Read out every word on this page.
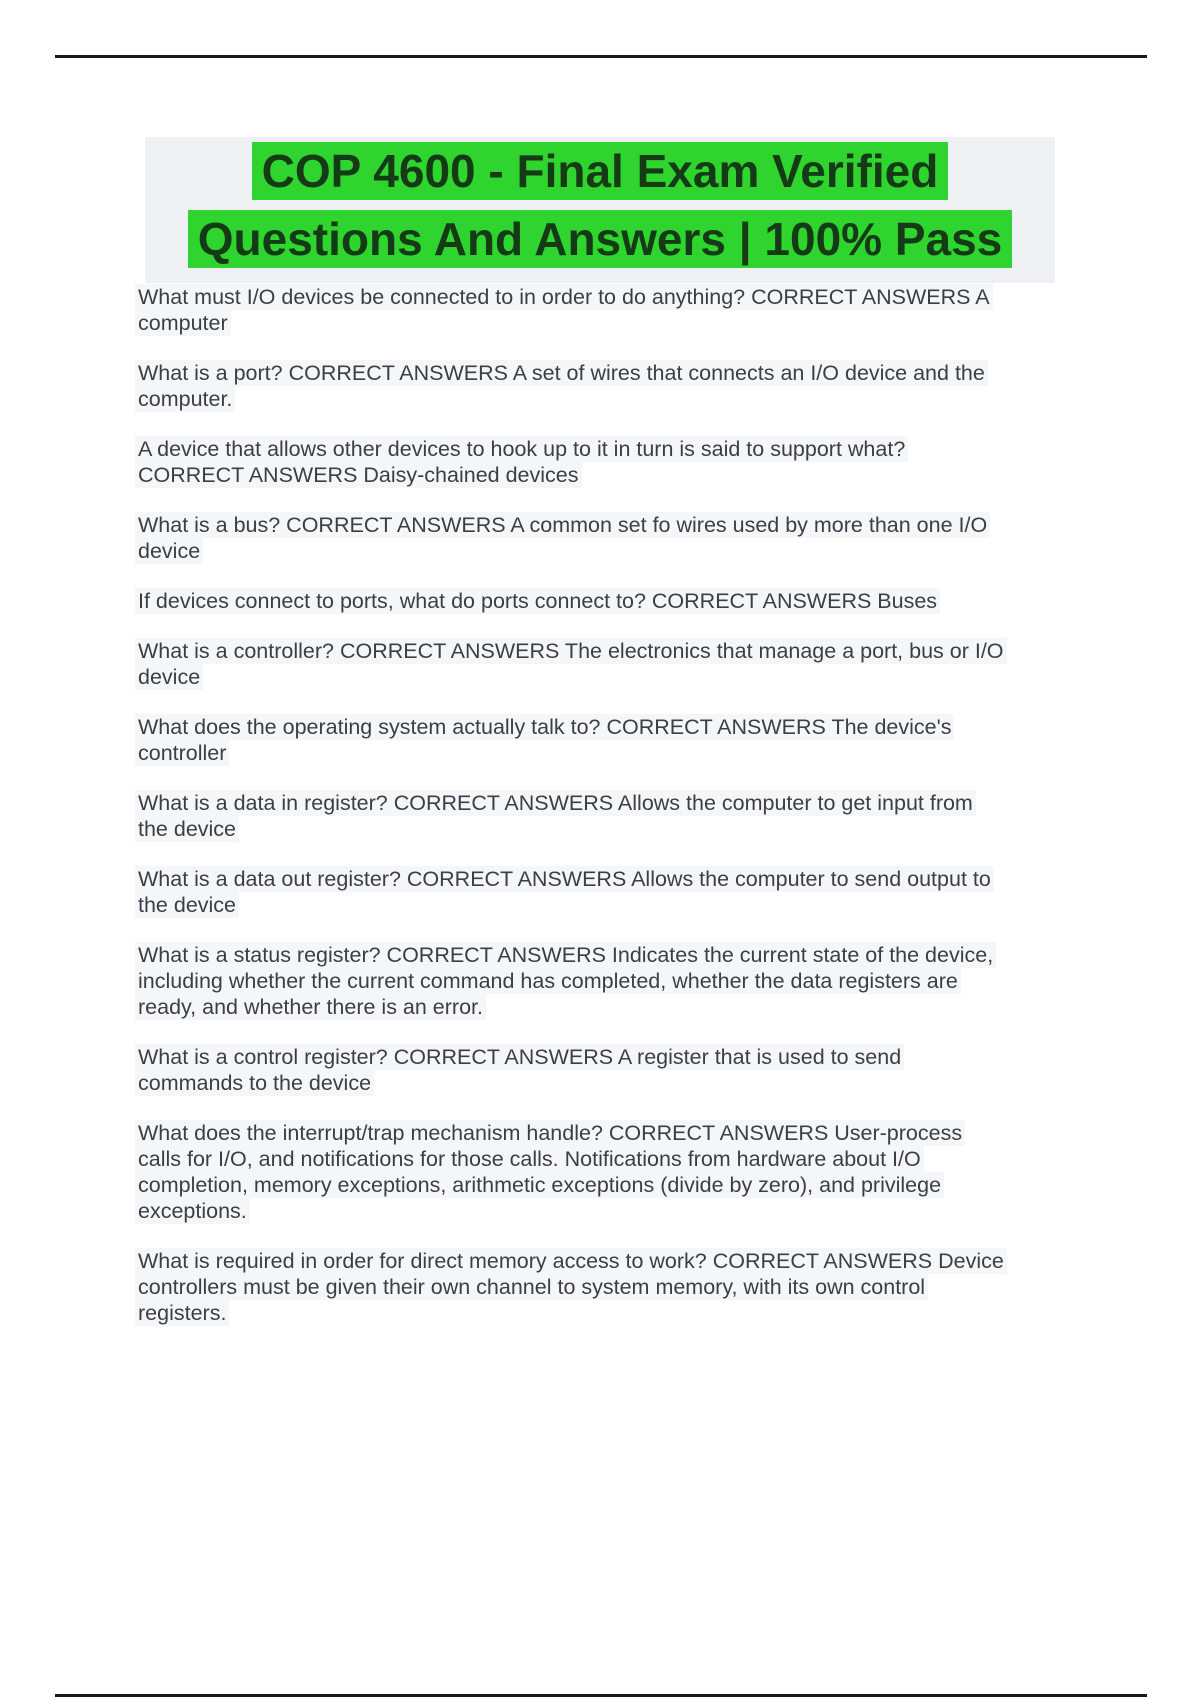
COP 4600 - Final Exam Verified
Questions And Answers | 100% Pass

What must I/O devices be connected to in order to do anything? CORRECT ANSWERS A computer

What is a port? CORRECT ANSWERS A set of wires that connects an I/O device and the computer.

A device that allows other devices to hook up to it in turn is said to support what? CORRECT ANSWERS Daisy-chained devices

What is a bus? CORRECT ANSWERS A common set fo wires used by more than one I/O device

If devices connect to ports, what do ports connect to? CORRECT ANSWERS Buses

What is a controller? CORRECT ANSWERS The electronics that manage a port, bus or I/O device

What does the operating system actually talk to? CORRECT ANSWERS The device's controller

What is a data in register? CORRECT ANSWERS Allows the computer to get input from the device

What is a data out register? CORRECT ANSWERS Allows the computer to send output to the device

What is a status register? CORRECT ANSWERS Indicates the current state of the device, including whether the current command has completed, whether the data registers are ready, and whether there is an error.

What is a control register? CORRECT ANSWERS A register that is used to send commands to the device

What does the interrupt/trap mechanism handle? CORRECT ANSWERS User-process calls for I/O, and notifications for those calls. Notifications from hardware about I/O completion, memory exceptions, arithmetic exceptions (divide by zero), and privilege exceptions.

What is required in order for direct memory access to work? CORRECT ANSWERS Device controllers must be given their own channel to system memory, with its own control registers.
